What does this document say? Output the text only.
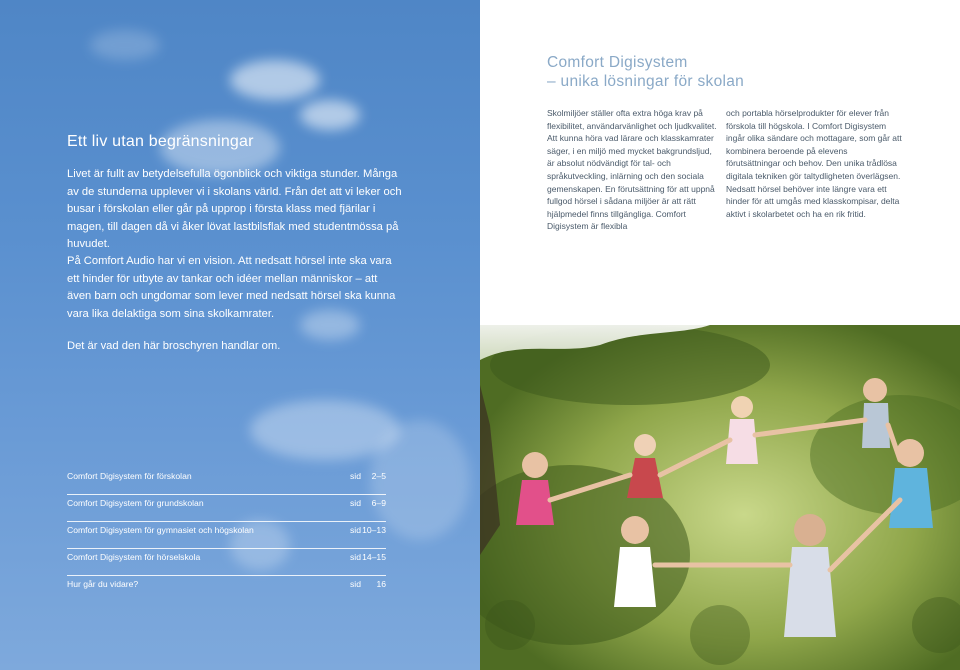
Ett liv utan begränsningar
Livet är fullt av betydelsefulla ögonblick och viktiga stunder. Många av de stunderna upplever vi i skolans värld. Från det att vi leker och busar i förskolan eller går på upprop i första klass med fjärilar i magen, till dagen då vi åker lövat lastbilsflak med studentmössa på huvudet.
På Comfort Audio har vi en vision. Att nedsatt hörsel inte ska vara ett hinder för utbyte av tankar och idéer mellan människor – att även barn och ungdomar som lever med nedsatt hörsel ska kunna vara lika delaktiga som sina skolkamrater.
Det är vad den här broschyren handlar om.
Comfort Digisystem för förskolan	sid 2–5
Comfort Digisystem för grundskolan	sid 6–9
Comfort Digisystem för gymnasiet och högskolan	sid 10–13
Comfort Digisystem för hörselskola	sid 14–15
Hur går du vidare?	sid 16
Comfort Digisystem
– unika lösningar för skolan
Skolmiljöer ställer ofta extra höga krav på flexibilitet, användarvänlighet och ljudkvalitet. Att kunna höra vad lärare och klasskamrater säger, i en miljö med mycket bakgrundsljud, är absolut nödvändigt för tal- och språkutveckling, inlärning och den sociala gemenskapen. En förutsättning för att uppnå fullgod hörsel i sådana miljöer är att rätt hjälpmedel finns tillgängliga. Comfort Digisystem är flexibla
och portabla hörselprodukter för elever från förskola till högskola. I Comfort Digisystem ingår olika sändare och mottagare, som går att kombinera beroende på elevens förutsättningar och behov. Den unika trådlösa digitala tekniken gör taltydligheten överlägsen. Nedsatt hörsel behöver inte längre vara ett hinder för att umgås med klasskompisar, delta aktivt i skolarbetet och ha en rik fritid.
